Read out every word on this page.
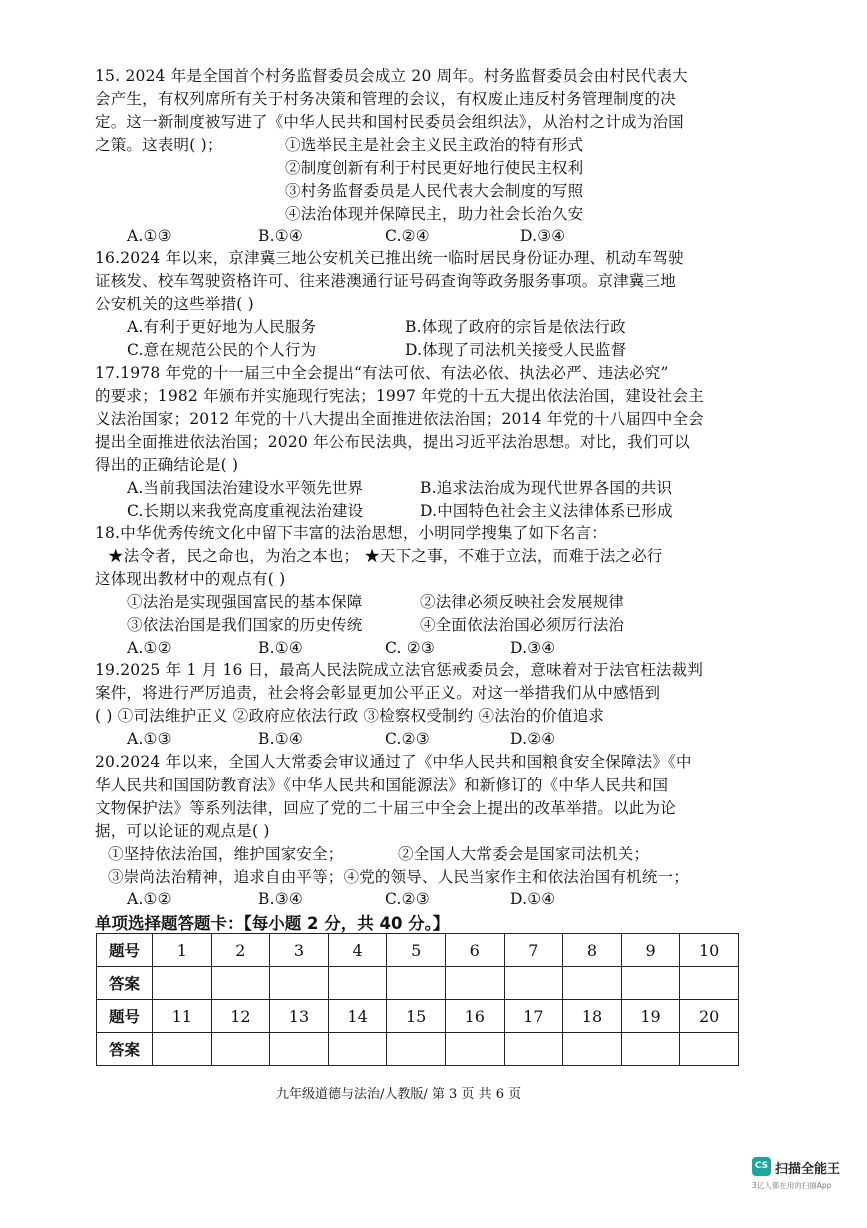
15. 2024 年是全国首个村务监督委员会成立 20 周年。村务监督委员会由村民代表大
会产生，有权列席所有关于村务决策和管理的会议，有权废止违反村务管理制度的决
定。这一新制度被写进了《中华人民共和国村民委员会组织法》，从治村之计成为治国
之策。这表明( )；	①选举民主是社会主义民主政治的特有形式
②制度创新有利于村民更好地行使民主权利
③村务监督委员是人民代表大会制度的写照
④法治体现并保障民主，助力社会长治久安
A.①③	B.①④	C.②④	D.③④
16.2024 年以来，京津冀三地公安机关已推出统一临时居民身份证办理、机动车驾驶
证核发、校车驾驶资格许可、往来港澳通行证号码查询等政务服务事项。京津冀三地
公安机关的这些举措( )
A.有利于更好地为人民服务	B.体现了政府的宗旨是依法行政
C.意在规范公民的个人行为	D.体现了司法机关接受人民监督
17.1978 年党的十一届三中全会提出“有法可依、有法必依、执法必严、违法必究”
的要求；1982 年颁布并实施现行宪法；1997 年党的十五大提出依法治国，建设社会主
义法治国家；2012 年党的十八大提出全面推进依法治国；2014 年党的十八届四中全会
提出全面推进依法治国；2020 年公布民法典，提出习近平法治思想。对比，我们可以
得出的正确结论是( )
A.当前我国法治建设水平领先世界	B.追求法治成为现代世界各国的共识
C.长期以来我党高度重视法治建设	D.中国特色社会主义法律体系已形成
18.中华优秀传统文化中留下丰富的法治思想，小明同学搜集了如下名言：
★法令者，民之命也，为治之本也； ★天下之事，不难于立法，而难于法之必行
这体现出教材中的观点有( )
①法治是实现强国富民的基本保障	②法律必须反映社会发展规律
③依法治国是我们国家的历史传统	④全面依法治国必须厉行法治
A.①②	B.①④	C. ②③	D.③④
19.2025 年 1 月 16 日，最高人民法院成立法官惩戒委员会，意味着对于法官枉法裁判
案件，将进行严厉追责，社会将会彰显更加公平正义。对这一举措我们从中感悟到
( ) ①司法维护正义 ②政府应依法行政 ③检察权受制约 ④法治的价值追求
A.①③	B.①④	C.②③	D.②④
20.2024 年以来，全国人大常委会审议通过了《中华人民共和国粮食安全保障法》《中
华人民共和国国防教育法》《中华人民共和国能源法》和新修订的《中华人民共和国
文物保护法》等系列法律，回应了党的二十届三中全会上提出的改革举措。以此为论
据，可以论证的观点是( )
①坚持依法治国，维护国家安全；	②全国人大常委会是国家司法机关；
③崇尚法治精神，追求自由平等；④党的领导、人民当家作主和依法治国有机统一；
A.①②	B.③④	C.②③	D.①④
单项选择题答题卡：【每小题 2 分，共 40 分。】
题号	1	2	3	4	5	6	7	8	9	10
答案										
题号	11	12	13	14	15	16	17	18	19	20
答案										
九年级道德与法治/人教版/ 第 3 页 共 6 页
CS 扫描全能王
3亿人都在用的扫描App
